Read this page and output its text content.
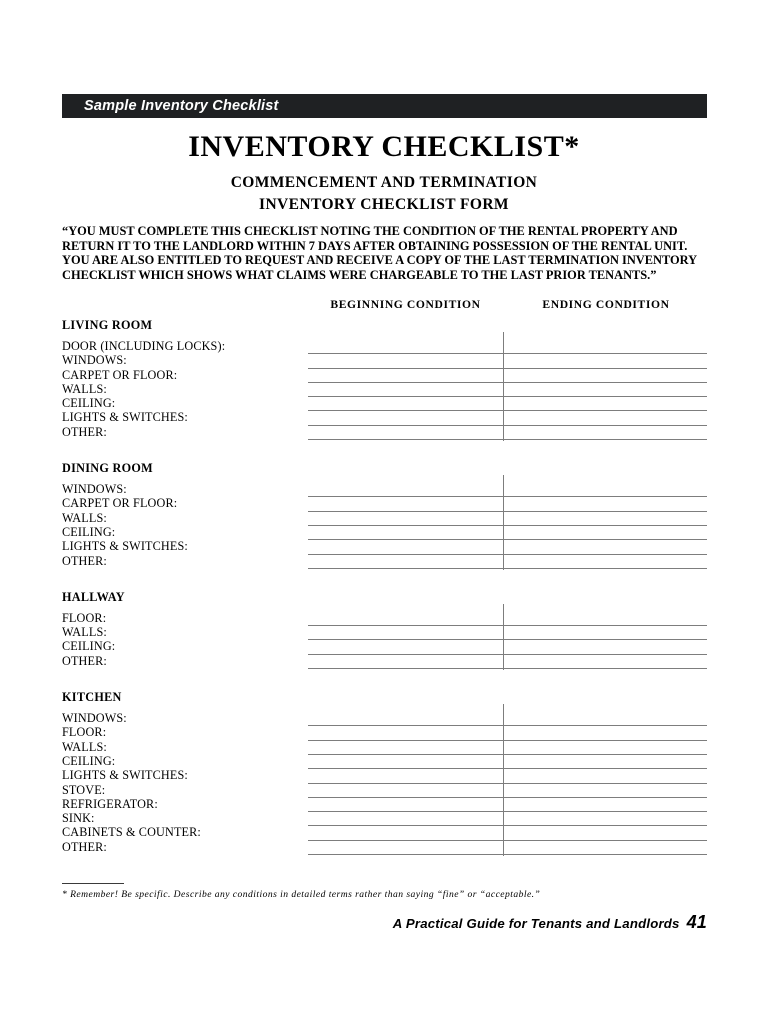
Sample Inventory Checklist
INVENTORY CHECKLIST*
COMMENCEMENT AND TERMINATION
INVENTORY CHECKLIST FORM
“YOU MUST COMPLETE THIS CHECKLIST NOTING THE CONDITION OF THE RENTAL PROPERTY AND RETURN IT TO THE LANDLORD WITHIN 7 DAYS AFTER OBTAINING POSSESSION OF THE RENTAL UNIT. YOU ARE ALSO ENTITLED TO REQUEST AND RECEIVE A COPY OF THE LAST TERMINATION INVENTORY CHECKLIST WHICH SHOWS WHAT CLAIMS WERE CHARGEABLE TO THE LAST PRIOR TENANTS.”
BEGINNING CONDITION	ENDING CONDITION
LIVING ROOM
DOOR (INCLUDING LOCKS):
WINDOWS:
CARPET OR FLOOR:
WALLS:
CEILING:
LIGHTS & SWITCHES:
OTHER:
DINING ROOM
WINDOWS:
CARPET OR FLOOR:
WALLS:
CEILING:
LIGHTS & SWITCHES:
OTHER:
HALLWAY
FLOOR:
WALLS:
CEILING:
OTHER:
KITCHEN
WINDOWS:
FLOOR:
WALLS:
CEILING:
LIGHTS & SWITCHES:
STOVE:
REFRIGERATOR:
SINK:
CABINETS & COUNTER:
OTHER:
* Remember! Be specific. Describe any conditions in detailed terms rather than saying “fine” or “acceptable.”
A Practical Guide for Tenants and Landlords 41
